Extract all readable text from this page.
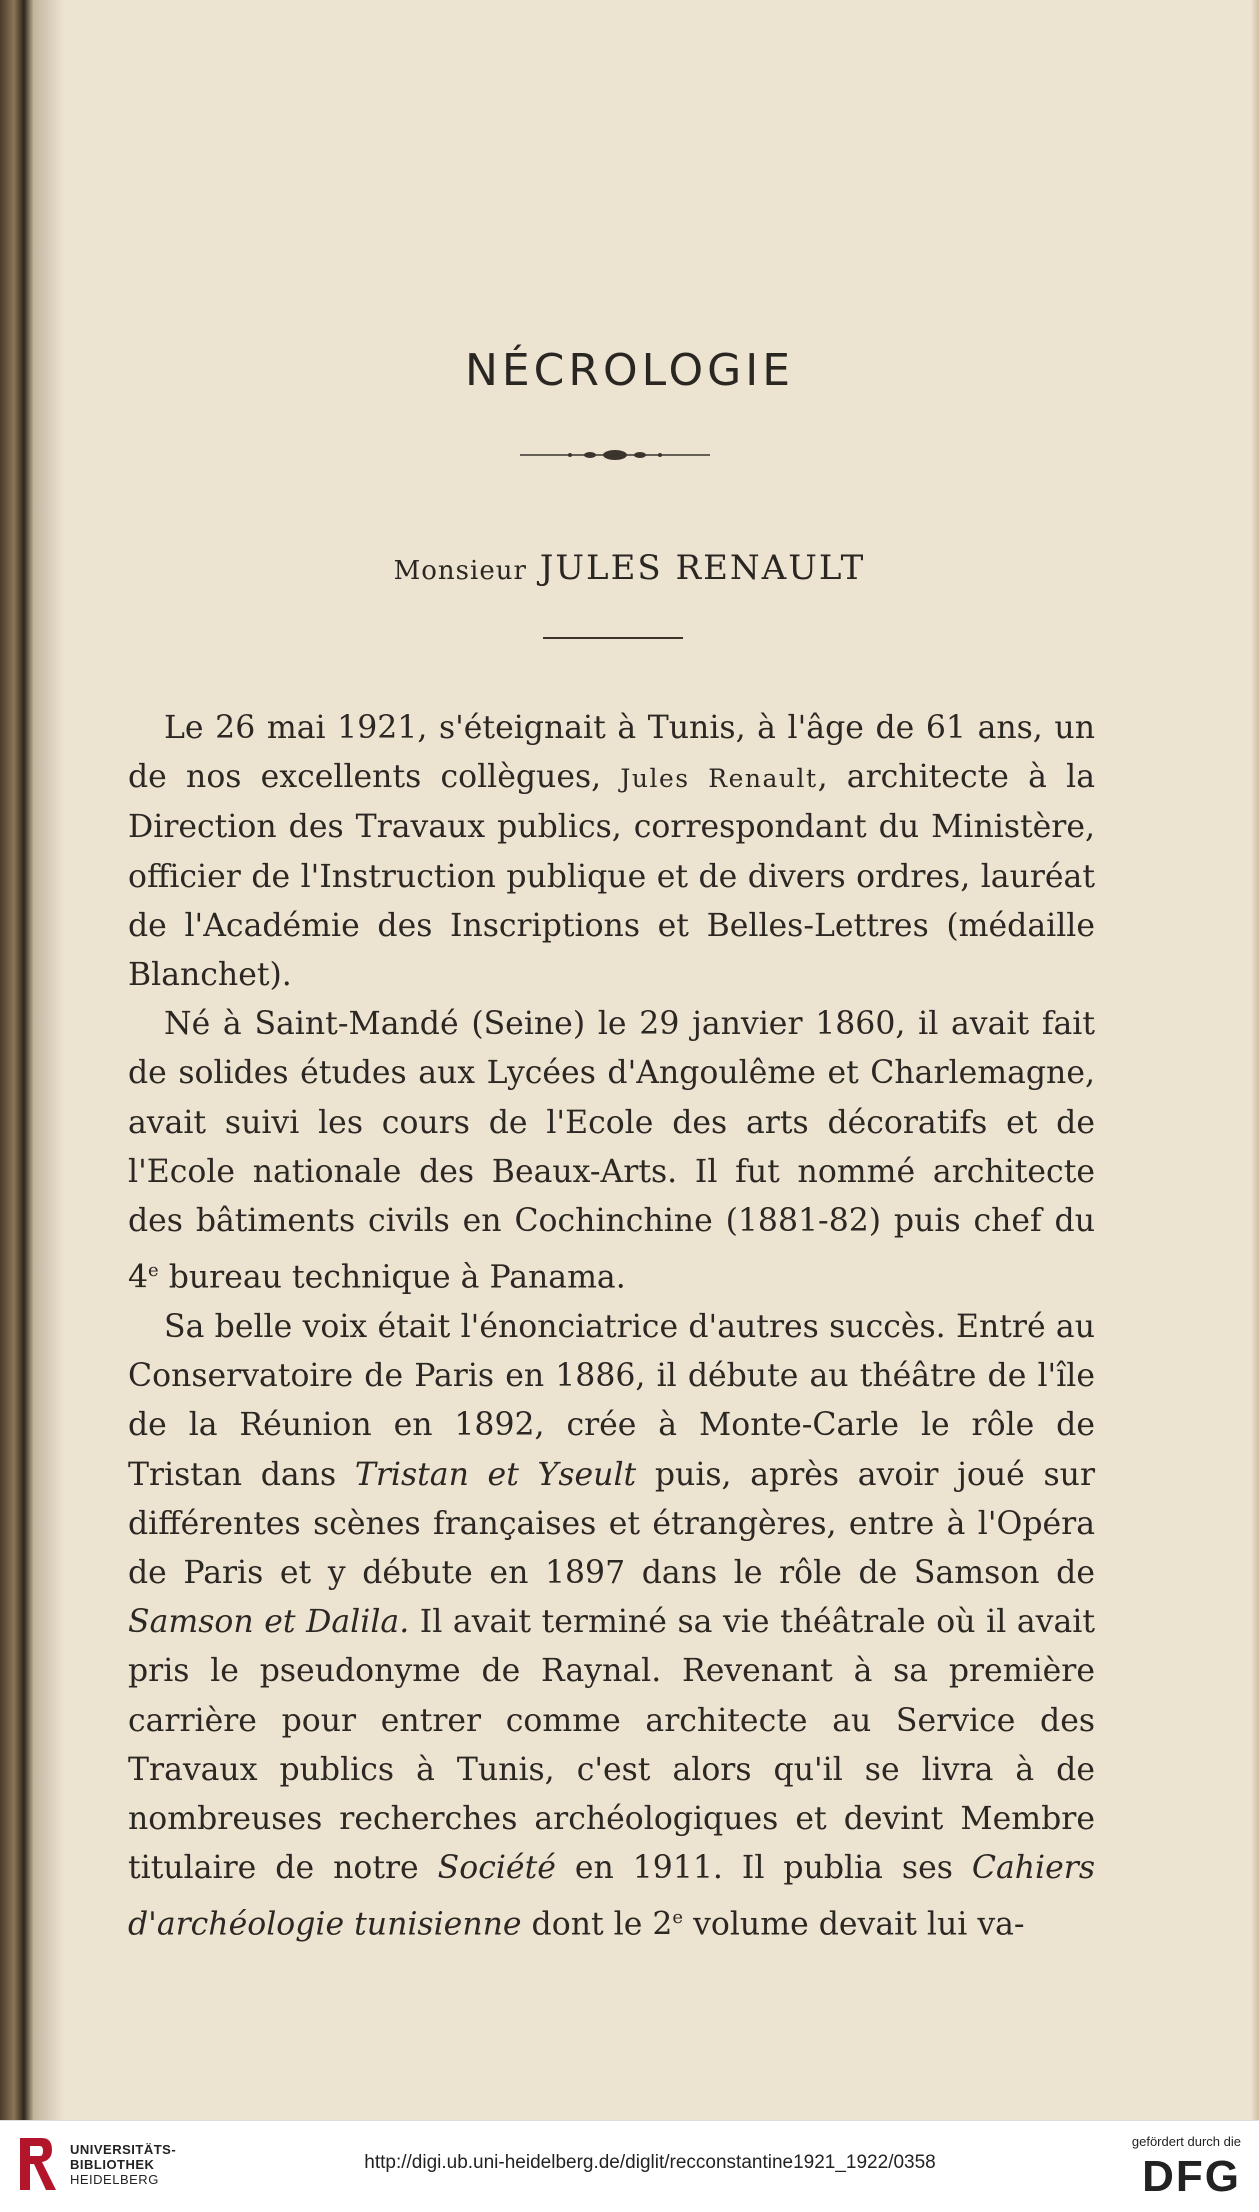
NÉCROLOGIE
Monsieur JULES RENAULT

Le 26 mai 1921, s'éteignait à Tunis, à l'âge de 61 ans, un de nos excellents collègues, Jules Renault, architecte à la Direction des Travaux publics, correspondant du Ministère, officier de l'Instruction publique et de divers ordres, lauréat de l'Académie des Inscriptions et Belles-Lettres (médaille Blanchet).

Né à Saint-Mandé (Seine) le 29 janvier 1860, il avait fait de solides études aux Lycées d'Angoulême et Charlemagne, avait suivi les cours de l'Ecole des arts décoratifs et de l'Ecole nationale des Beaux-Arts. Il fut nommé architecte des bâtiments civils en Cochinchine (1881-82) puis chef du 4e bureau technique à Panama.

Sa belle voix était l'énonciatrice d'autres succès. Entré au Conservatoire de Paris en 1886, il débute au théâtre de l'île de la Réunion en 1892, crée à Monte-Carle le rôle de Tristan dans Tristan et Yseult puis, après avoir joué sur différentes scènes françaises et étrangères, entre à l'Opéra de Paris et y débute en 1897 dans le rôle de Samson de Samson et Dalila. Il avait terminé sa vie théâtrale où il avait pris le pseudonyme de Raynal. Revenant à sa première carrière pour entrer comme architecte au Service des Travaux publics à Tunis, c'est alors qu'il se livra à de nombreuses recherches archéologiques et devint Membre titulaire de notre Société en 1911. Il publia ses Cahiers d'archéologie tunisienne dont le 2e volume devait lui va-

UNIVERSITÄTS-
BIBLIOTHEK
HEIDELBERG
http://digi.ub.uni-heidelberg.de/diglit/recconstantine1921_1922/0358
gefördert durch die
DFG
